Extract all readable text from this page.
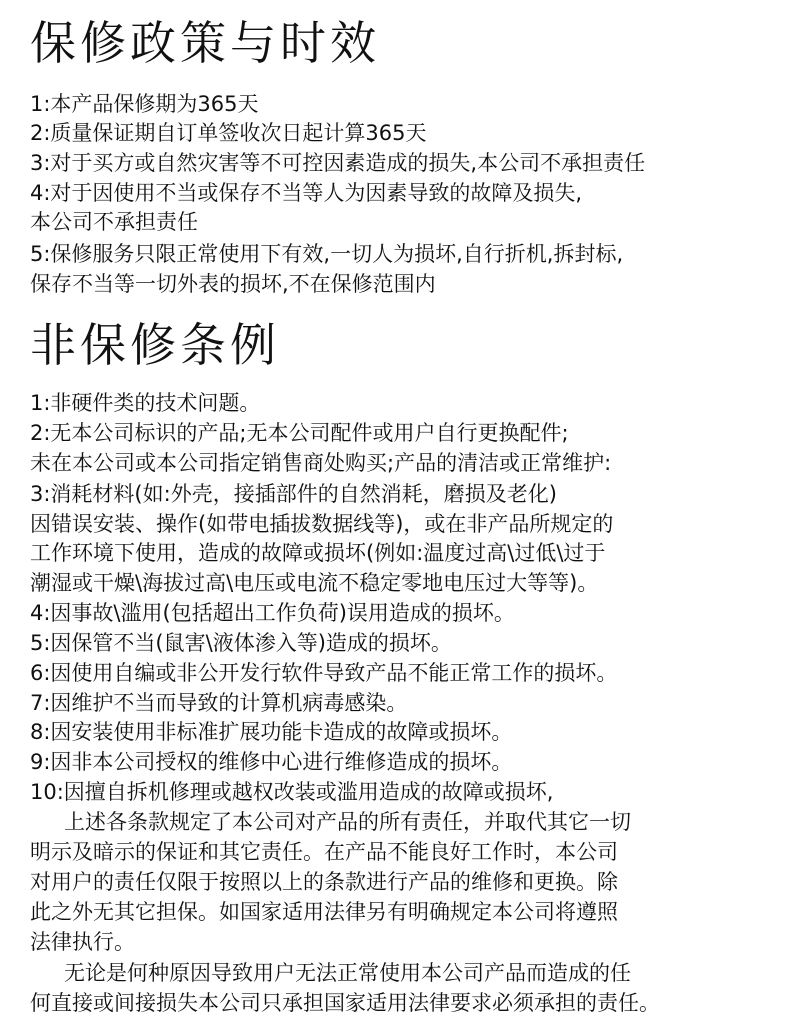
保修政策与时效
1:本产品保修期为365天
2:质量保证期自订单签收次日起计算365天
3:对于买方或自然灾害等不可控因素造成的损失,本公司不承担责任
4:对于因使用不当或保存不当等人为因素导致的故障及损失,
本公司不承担责任
5:保修服务只限正常使用下有效,一切人为损坏,自行折机,拆封标,
保存不当等一切外表的损坏,不在保修范围内
非保修条例
1:非硬件类的技术问题。
2:无本公司标识的产品;无本公司配件或用户自行更换配件;
未在本公司或本公司指定销售商处购买;产品的清洁或正常维护:
3:消耗材料(如:外壳，接插部件的自然消耗，磨损及老化)
因错误安装、操作(如带电插拔数据线等)，或在非产品所规定的
工作环境下使用，造成的故障或损坏(例如:温度过高\过低\过于
潮湿或干燥\海拔过高\电压或电流不稳定零地电压过大等等)。
4:因事故\滥用(包括超出工作负荷)误用造成的损坏。
5:因保管不当(鼠害\液体渗入等)造成的损坏。
6:因使用自编或非公开发行软件导致产品不能正常工作的损坏。
7:因维护不当而导致的计算机病毒感染。
8:因安装使用非标准扩展功能卡造成的故障或损坏。
9:因非本公司授权的维修中心进行维修造成的损坏。
10:因擅自拆机修理或越权改装或滥用造成的故障或损坏,
上述各条款规定了本公司对产品的所有责任，并取代其它一切
明示及暗示的保证和其它责任。在产品不能良好工作时，本公司
对用户的责任仅限于按照以上的条款进行产品的维修和更换。除
此之外无其它担保。如国家适用法律另有明确规定本公司将遵照
法律执行。
无论是何种原因导致用户无法正常使用本公司产品而造成的任
何直接或间接损失本公司只承担国家适用法律要求必须承担的责任。
